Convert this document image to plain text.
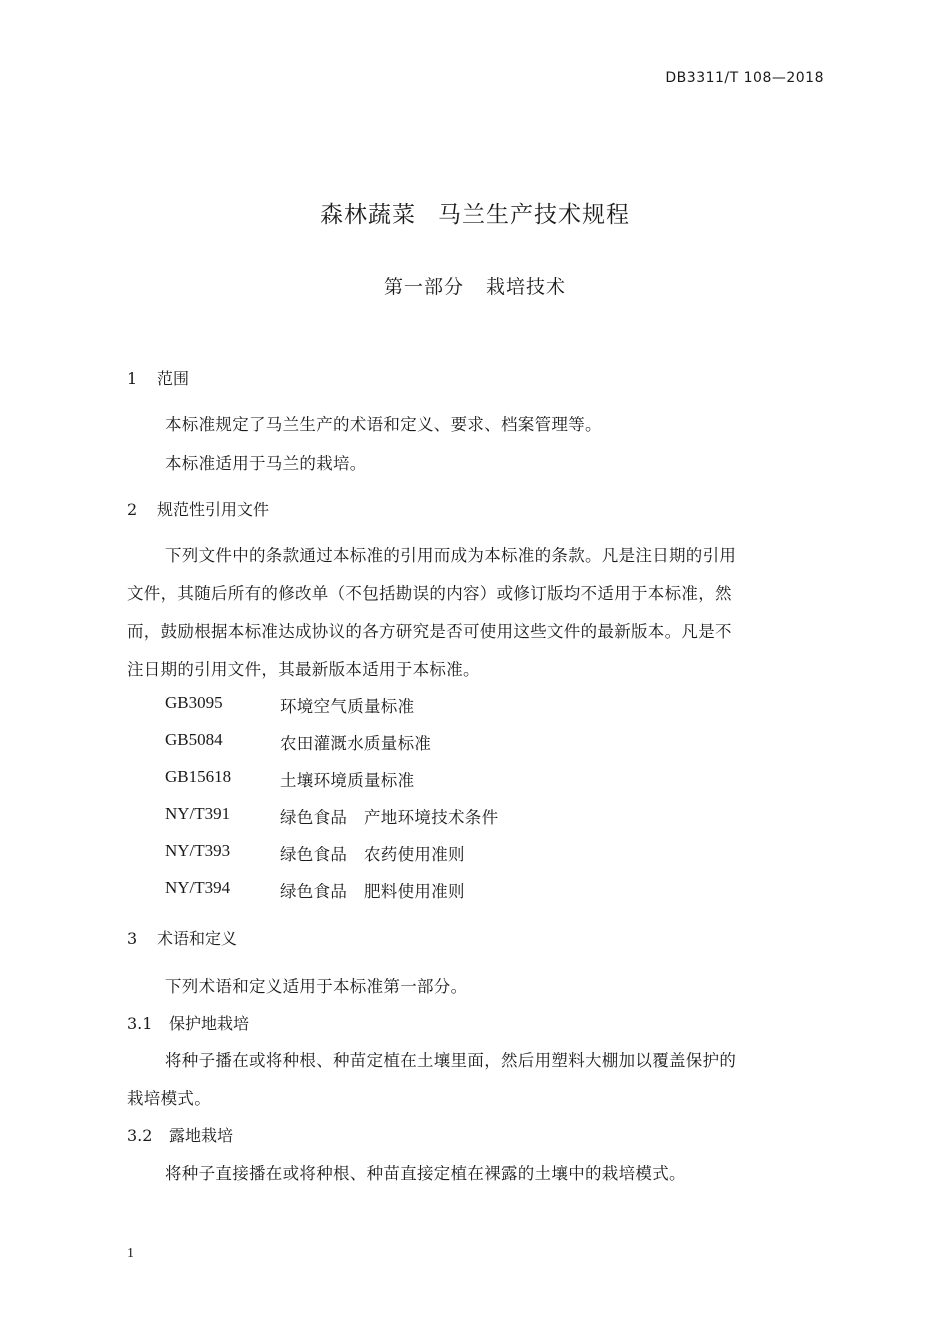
DB3311/T 108—2018
森林蔬菜 马兰生产技术规程
第一部分 栽培技术
1 范围
本标准规定了马兰生产的术语和定义、要求、档案管理等。
本标准适用于马兰的栽培。
2 规范性引用文件
下列文件中的条款通过本标准的引用而成为本标准的条款。凡是注日期的引用
文件，其随后所有的修改单（不包括勘误的内容）或修订版均不适用于本标准，然
而，鼓励根据本标准达成协议的各方研究是否可使用这些文件的最新版本。凡是不
注日期的引用文件，其最新版本适用于本标准。
GB3095	环境空气质量标准
GB5084	农田灌溉水质量标准
GB15618	土壤环境质量标准
NY/T391	绿色食品　产地环境技术条件
NY/T393	绿色食品　农药使用准则
NY/T394	绿色食品　肥料使用准则
3 术语和定义
下列术语和定义适用于本标准第一部分。
3.1 保护地栽培
将种子播在或将种根、种苗定植在土壤里面，然后用塑料大棚加以覆盖保护的
栽培模式。
3.2 露地栽培
将种子直接播在或将种根、种苗直接定植在裸露的土壤中的栽培模式。
1
